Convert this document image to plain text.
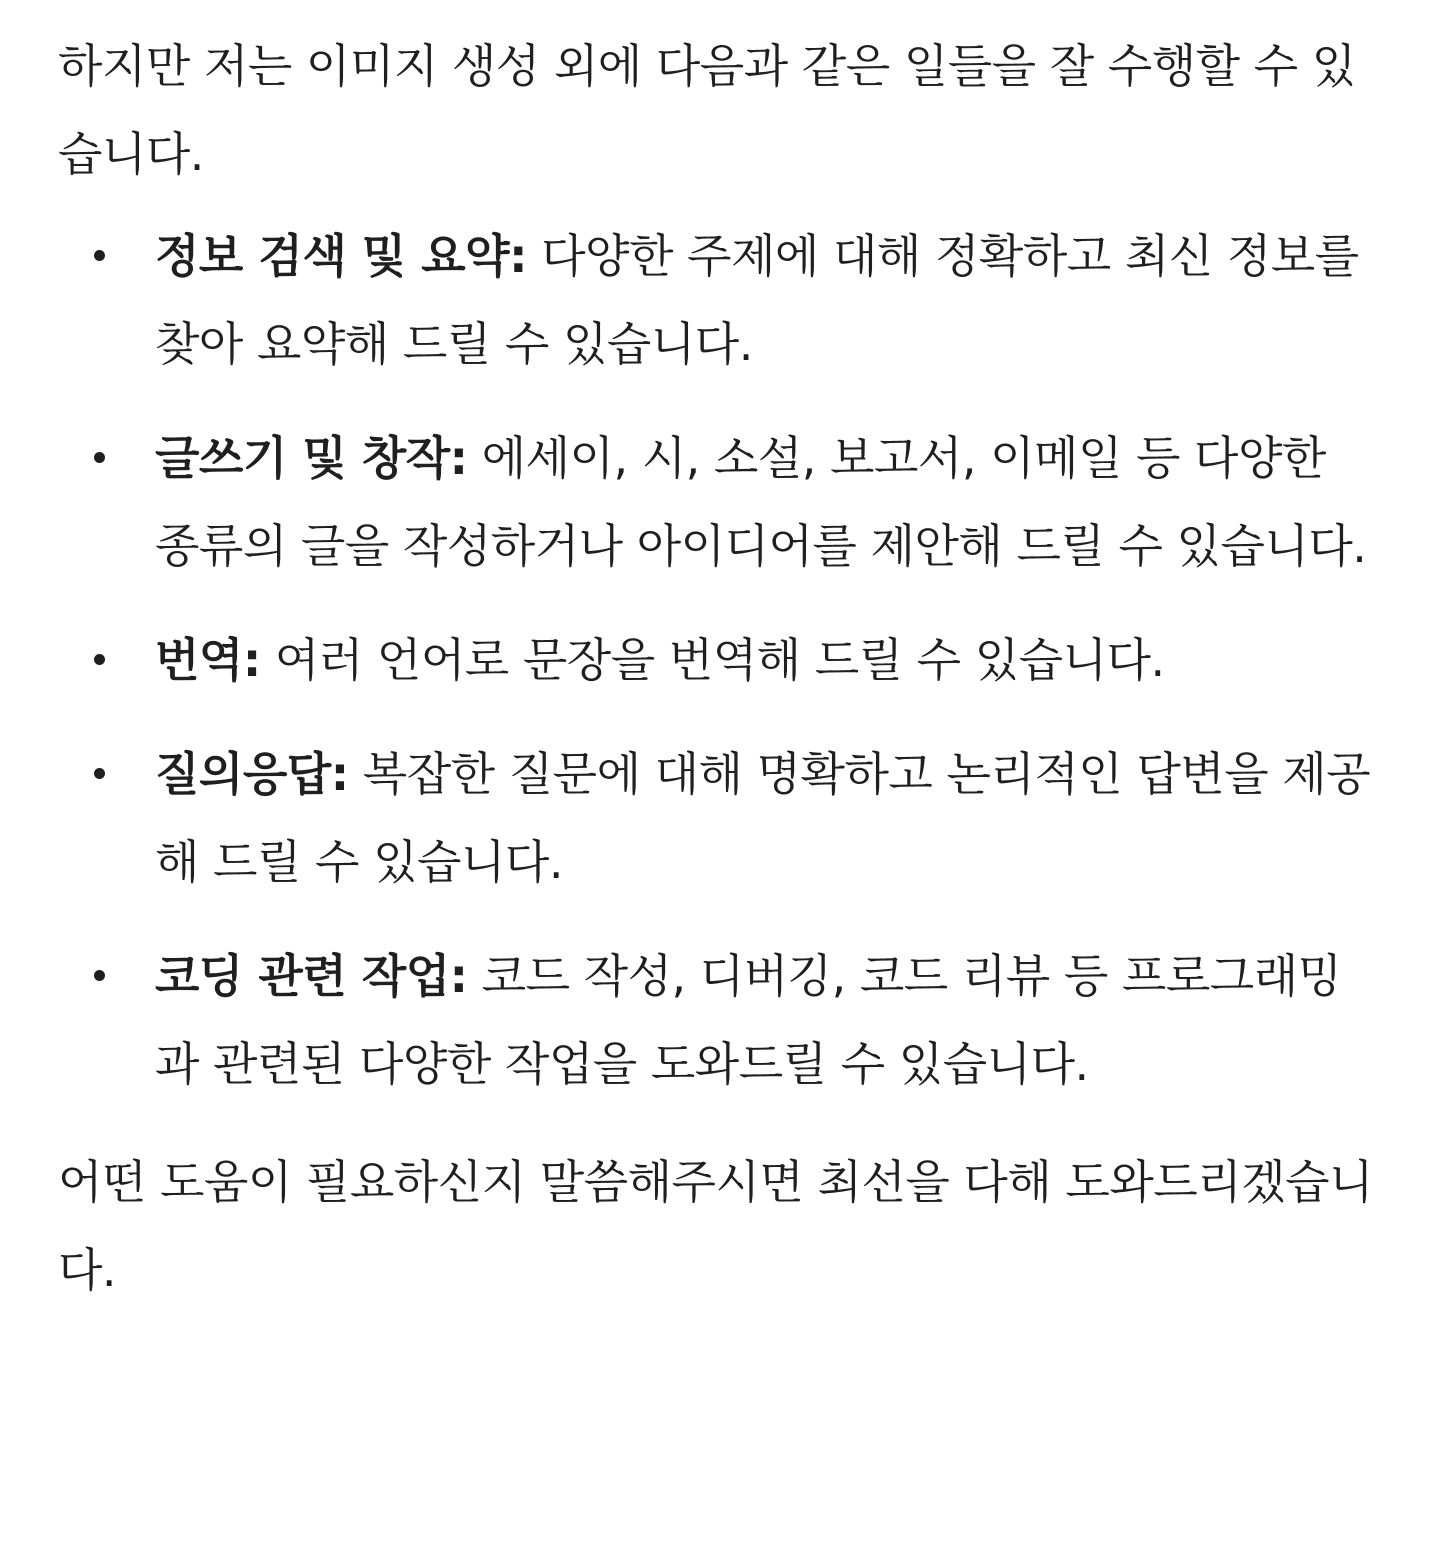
하지만 저는 이미지 생성 외에 다음과 같은 일들을 잘 수행할 수 있습니다.

정보 검색 및 요약: 다양한 주제에 대해 정확하고 최신 정보를 찾아 요약해 드릴 수 있습니다.
글쓰기 및 창작: 에세이, 시, 소설, 보고서, 이메일 등 다양한 종류의 글을 작성하거나 아이디어를 제안해 드릴 수 있습니다.
번역: 여러 언어로 문장을 번역해 드릴 수 있습니다.
질의응답: 복잡한 질문에 대해 명확하고 논리적인 답변을 제공해 드릴 수 있습니다.
코딩 관련 작업: 코드 작성, 디버깅, 코드 리뷰 등 프로그래밍과 관련된 다양한 작업을 도와드릴 수 있습니다.

어떤 도움이 필요하신지 말씀해주시면 최선을 다해 도와드리겠습니다.
